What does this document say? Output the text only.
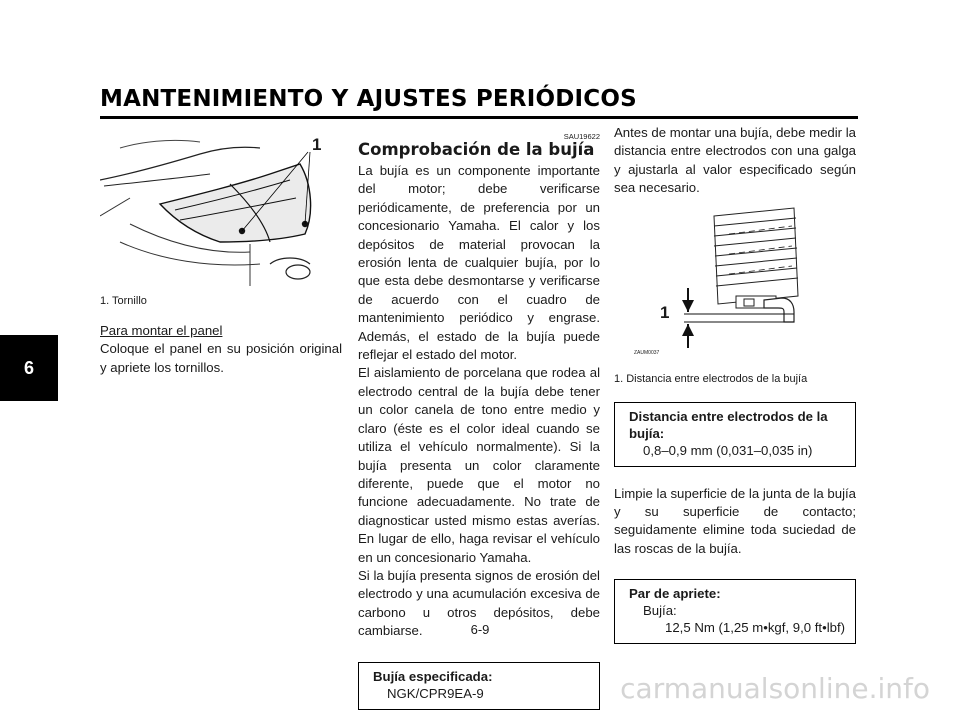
MANTENIMIENTO Y AJUSTES PERIÓDICOS
6
1
1. Tornillo
Para montar el panel

Coloque el panel en su posición original y apriete los tornillos.

SAU19622
Comprobación de la bujía

La bujía es un componente importante del motor; debe verificarse periódicamente, de preferencia por un concesionario Yamaha. El calor y los depósitos de material provocan la erosión lenta de cualquier bujía, por lo que esta debe desmontarse y verificarse de acuerdo con el cuadro de mantenimiento periódico y engrase. Además, el estado de la bujía puede reflejar el estado del motor.

El aislamiento de porcelana que rodea al electrodo central de la bujía debe tener un color canela de tono entre medio y claro (éste es el color ideal cuando se utiliza el vehículo normalmente). Si la bujía presenta un color claramente diferente, puede que el motor no funcione adecuadamente. No trate de diagnosticar usted mismo estas averías. En lugar de ello, haga revisar el vehículo en un concesionario Yamaha.

Si la bujía presenta signos de erosión del electrodo y una acumulación excesiva de carbono u otros depósitos, debe cambiarse.

Bujía especificada:
NGK/CPR9EA-9

Antes de montar una bujía, debe medir la distancia entre electrodos con una galga y ajustarla al valor especificado según sea necesario.

1
ZAUM0037
1. Distancia entre electrodos de la bujía
Distancia entre electrodos de la bujía:
0,8–0,9 mm (0,031–0,035 in)

Limpie la superficie de la junta de la bujía y su superficie de contacto; seguidamente elimine toda suciedad de las roscas de la bujía.

Par de apriete:
Bujía:
12,5 Nm (1,25 m•kgf, 9,0 ft•lbf)
6-9
carmanualsonline.info
